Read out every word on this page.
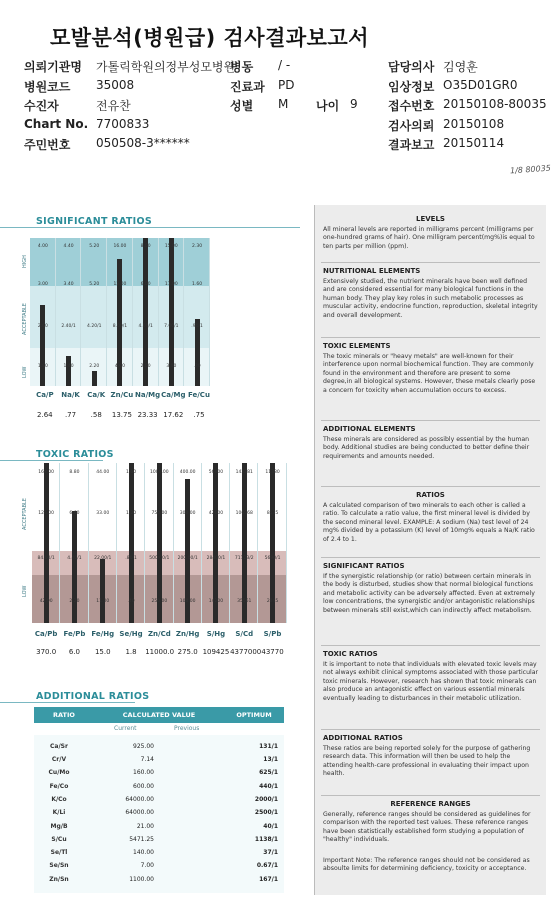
모발분석(병원급) 검사결과보고서
의뢰기관명 가톨릭학원의정부성모병원
병원코드 35008
수진자	전유찬
Chart No. 7700833
주민번호 050508-3******
병동 / -
진료과 PD
성별 M
담당의사 김영훈
임상정보 O35D01GR0
접수번호 20150108-80035
검사의뢰 20150108
결과보고 20150114
나이 9
1/8 80035
SIGNIFICANT RATIOS
4.00
3.00
2.60
1.80
4.40
3.40
2.40/1
1.40
5.20
5.20
4.20/1
2.20
16.00
12.00
8.00/1
4.00
8.00
6.00
4.00/1
2.00
15.00
11.00
7.00/1
3.00
2.30
1.60
.90/1
.20
HIGH
ACCEPTABLE
LOW
Ca/P	Na/K	Ca/K Zn/Cu Na/Mg Ca/Mg Fe/Cu
2.64	.77	.58	13.75 23.33 17.62	.75
TOXIC RATIOS
168.00
126.00
84.00/1
42.00
8.80
6.60
4.40/1
2.20
44.00
33.00
22.00/1
11.00
1.60
1.20
.80/1
.40
1000.00
750.00
500.00/1
250.00
400.00
300.00
200.00/1
100.00
56800
42600
28400/1
14200
142281
106968
71123/2
35561
11380
8535
5690/1
2845
ACCEPTABLE
LOW
Ca/Pb Fe/Pb Fe/Hg Se/Hg Zn/Cd Zn/Hg	S/Hg	S/Cd	S/Pb
370.0	6.0	15.0	1.8	11000.0 275.0 109425 4377000 43770
ADDITIONAL RATIOS
RATIO	CALCULATED VALUE	OPTIMUM
Current	Previous
Ca/Sr	925.00	131/1
Cr/V	7.14	13/1
Cu/Mo	160.00	625/1
Fe/Co	600.00	440/1
K/Co	64000.00	2000/1
K/Li	64000.00	2500/1
Mg/B	21.00	40/1
S/Cu	5471.25	1138/1
Se/Tl	140.00	37/1
Se/Sn	7.00	0.67/1
Zn/Sn	1100.00	167/1
LEVELS
All mineral levels are reported in milligrams percent (milligrams per one-hundred grams of hair). One milligram percent(mg%)is equal to ten parts per million (ppm).
NUTRITIONAL ELEMENTS
Extensively studied, the nutrient minerals have been well defined and are considered essential for many biological functions in the human body. They play key roles in such metabolic processes as muscular activity, endocrine function, reproduction, skeletal integrity and overall development.
TOXIC ELEMENTS
The toxic minerals or "heavy metals" are well-known for their interference upon normal biochemical function. They are commonly found in the environment and therefore are present to some degree,in all biological systems. However, these metals clearly pose a concern for toxicity when accumulation occurs to excess.
ADDITIONAL ELEMENTS
These minerals are considered as possibly essential by the human body. Additional studies are being conducted to better define their requirements and amounts needed.
RATIOS
A calculated comparison of two minerals to each other is called a ratio. To calculate a ratio value, the first mineral level is divided by the second mineral level. EXAMPLE: A sodium (Na) test level of 24 mg% divided by a potassium (K) level of 10mg% equals a Na/K ratio of 2.4 to 1.
SIGNIFICANT RATIOS
If the synergistic relationship (or ratio) between certain minerals in the body is disturbed, studies show that normal biological functions and metabolic activity can be adversely affected. Even at extremely low concentrations, the synergistic and/or antagonistic relationships between minerals still exist,which can indirectly affect metabolism.
TOXIC RATIOS
It is important to note that individuals with elevated toxic levels may not always exhibit clinical symptoms associated with those particular toxic minerals. However, research has shown that toxic minerals can also produce an antagonistic effect on various essential minerals eventually leading to disturbances in their metabolic utilization.
ADDITIONAL RATIOS
These ratios are being reported solely for the purpose of gathering research data. This information will then be used to help the attending health-care professional in evaluating their impact upon health.
REFERENCE RANGES
Generally, reference ranges should be considered as guidelines for comparison with the reported test values. These reference ranges have been statistically established form studying a population of "healthy" individuals.
Important Note: The reference ranges should not be considered as absoulte limits for determining deficiency, toxicity or acceptance.
